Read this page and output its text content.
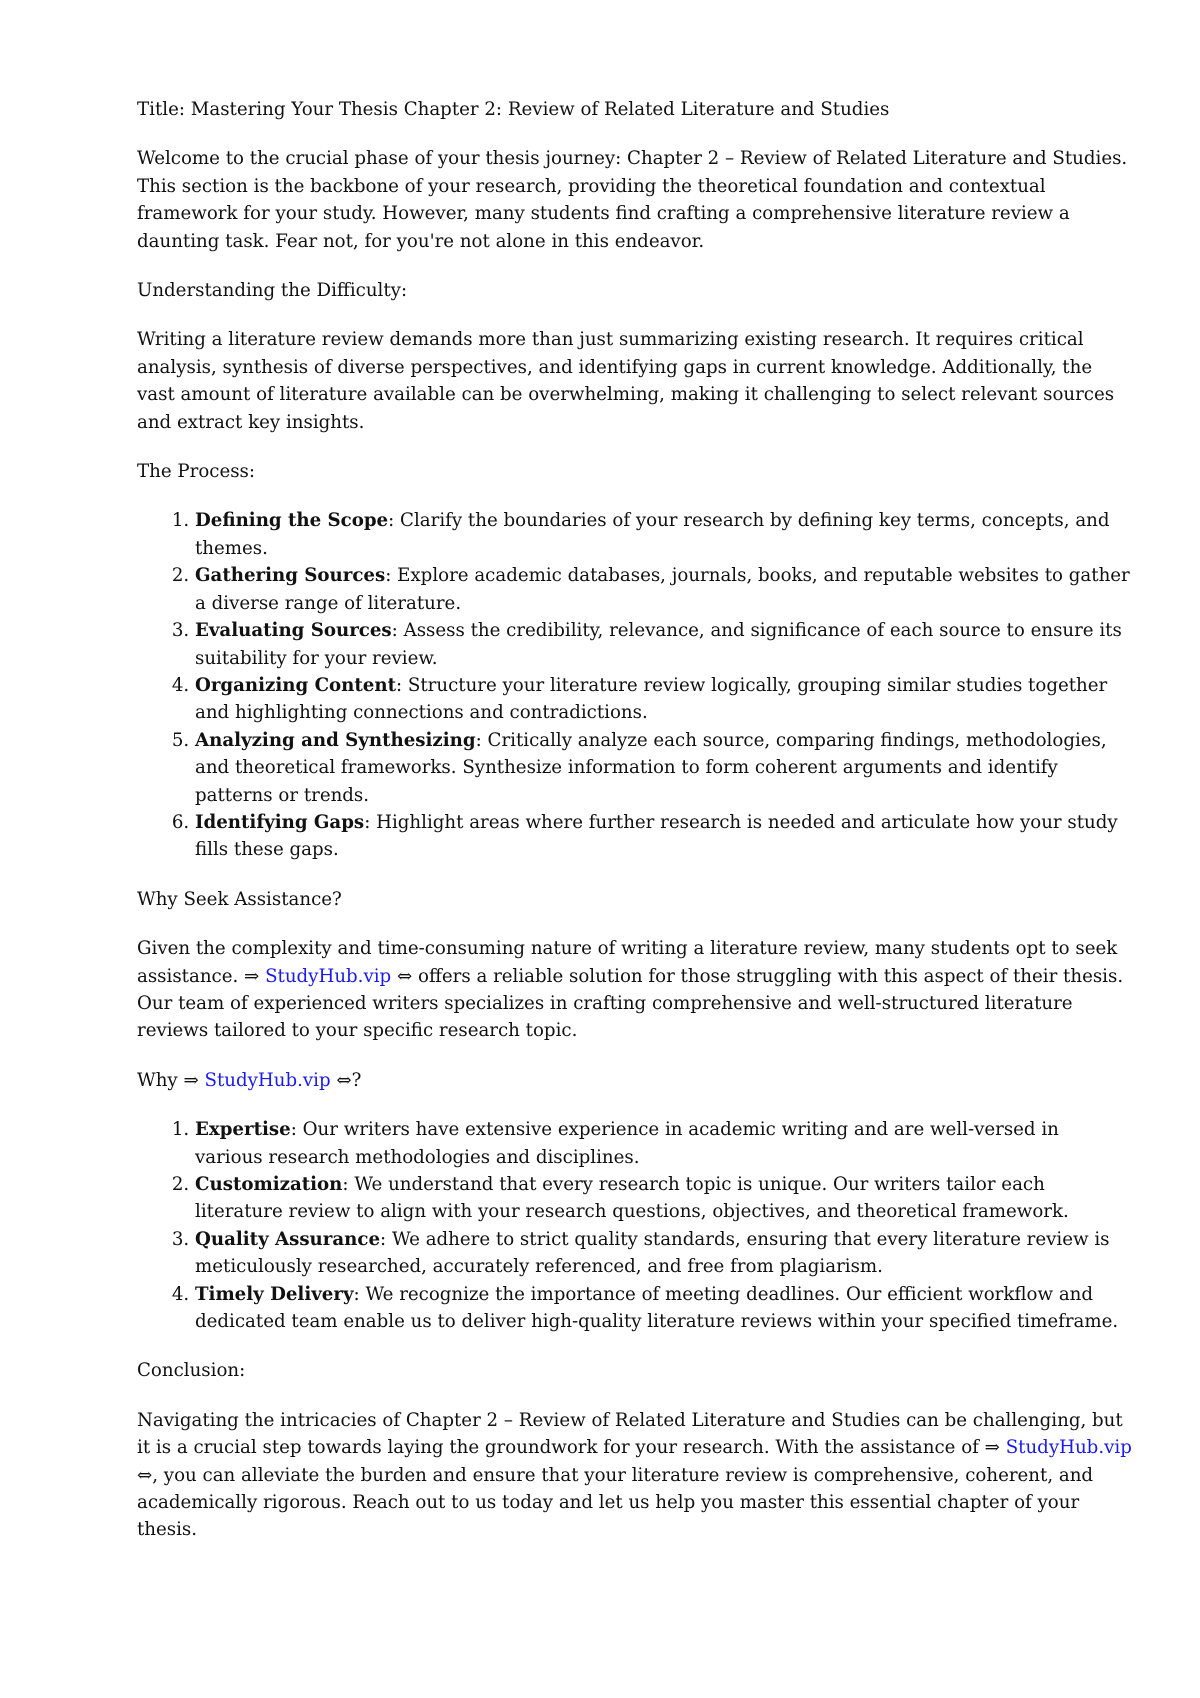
Title: Mastering Your Thesis Chapter 2: Review of Related Literature and Studies

Welcome to the crucial phase of your thesis journey: Chapter 2 – Review of Related Literature and Studies. This section is the backbone of your research, providing the theoretical foundation and contextual framework for your study. However, many students find crafting a comprehensive literature review a daunting task. Fear not, for you're not alone in this endeavor.

Understanding the Difficulty:

Writing a literature review demands more than just summarizing existing research. It requires critical analysis, synthesis of diverse perspectives, and identifying gaps in current knowledge. Additionally, the vast amount of literature available can be overwhelming, making it challenging to select relevant sources and extract key insights.

The Process:

1. Defining the Scope: Clarify the boundaries of your research by defining key terms, concepts, and themes.
2. Gathering Sources: Explore academic databases, journals, books, and reputable websites to gather a diverse range of literature.
3. Evaluating Sources: Assess the credibility, relevance, and significance of each source to ensure its suitability for your review.
4. Organizing Content: Structure your literature review logically, grouping similar studies together and highlighting connections and contradictions.
5. Analyzing and Synthesizing: Critically analyze each source, comparing findings, methodologies, and theoretical frameworks. Synthesize information to form coherent arguments and identify patterns or trends.
6. Identifying Gaps: Highlight areas where further research is needed and articulate how your study fills these gaps.

Why Seek Assistance?

Given the complexity and time-consuming nature of writing a literature review, many students opt to seek assistance. ⇒ StudyHub.vip ⇔ offers a reliable solution for those struggling with this aspect of their thesis. Our team of experienced writers specializes in crafting comprehensive and well-structured literature reviews tailored to your specific research topic.

Why ⇒ StudyHub.vip ⇔?

1. Expertise: Our writers have extensive experience in academic writing and are well-versed in various research methodologies and disciplines.
2. Customization: We understand that every research topic is unique. Our writers tailor each literature review to align with your research questions, objectives, and theoretical framework.
3. Quality Assurance: We adhere to strict quality standards, ensuring that every literature review is meticulously researched, accurately referenced, and free from plagiarism.
4. Timely Delivery: We recognize the importance of meeting deadlines. Our efficient workflow and dedicated team enable us to deliver high-quality literature reviews within your specified timeframe.

Conclusion:

Navigating the intricacies of Chapter 2 – Review of Related Literature and Studies can be challenging, but it is a crucial step towards laying the groundwork for your research. With the assistance of ⇒ StudyHub.vip ⇔, you can alleviate the burden and ensure that your literature review is comprehensive, coherent, and academically rigorous. Reach out to us today and let us help you master this essential chapter of your thesis.
